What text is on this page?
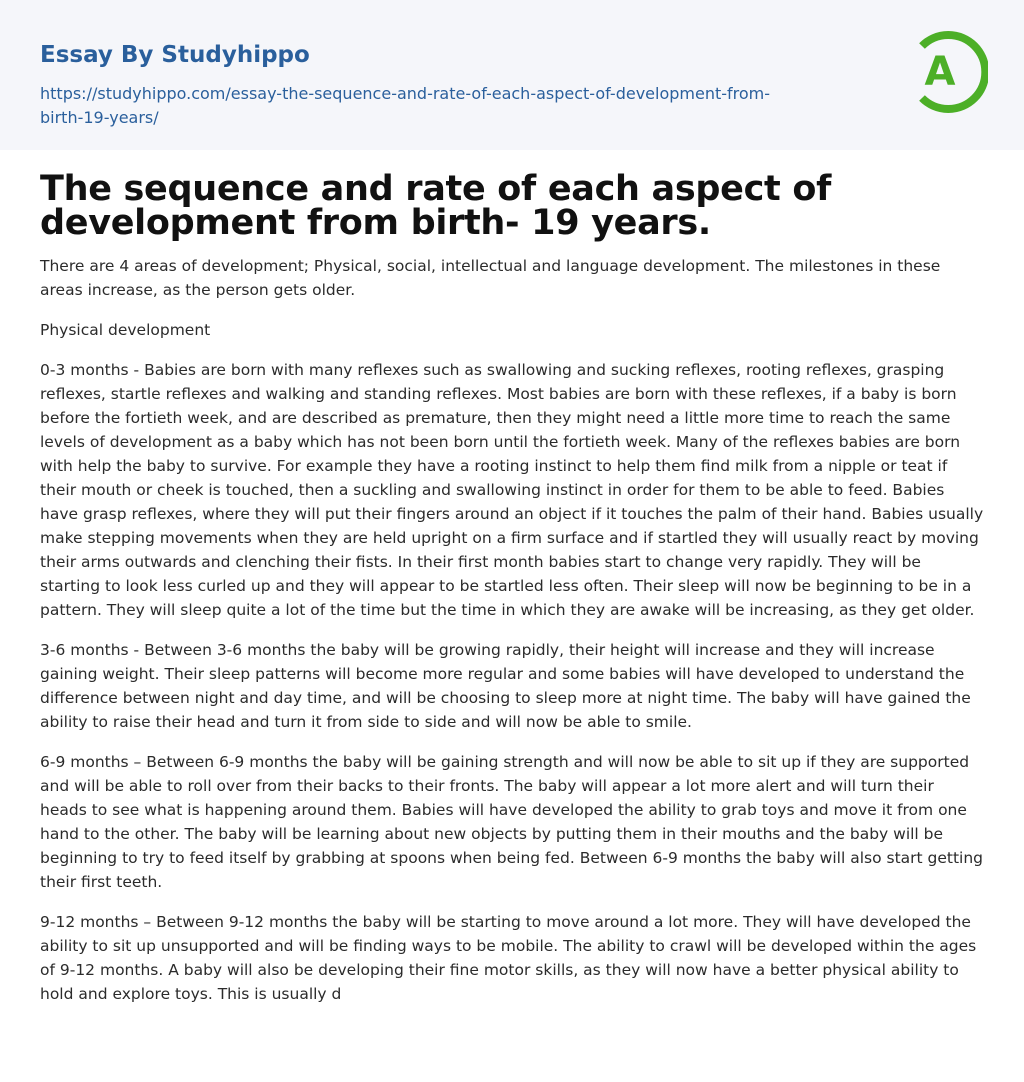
Essay By Studyhippo
https://studyhippo.com/essay-the-sequence-and-rate-of-each-aspect-of-development-from-birth-19-years/
A
The sequence and rate of each aspect of development from birth- 19 years.

There are 4 areas of development; Physical, social, intellectual and language development. The milestones in these areas increase, as the person gets older.

Physical development

0-3 months - Babies are born with many reflexes such as swallowing and sucking reflexes, rooting reflexes, grasping reflexes, startle reflexes and walking and standing reflexes. Most babies are born with these reflexes, if a baby is born before the fortieth week, and are described as premature, then they might need a little more time to reach the same levels of development as a baby which has not been born until the fortieth week. Many of the reflexes babies are born with help the baby to survive. For example they have a rooting instinct to help them find milk from a nipple or teat if their mouth or cheek is touched, then a suckling and swallowing instinct in order for them to be able to feed. Babies have grasp reflexes, where they will put their fingers around an object if it touches the palm of their hand. Babies usually make stepping movements when they are held upright on a firm surface and if startled they will usually react by moving their arms outwards and clenching their fists. In their first month babies start to change very rapidly. They will be starting to look less curled up and they will appear to be startled less often. Their sleep will now be beginning to be in a pattern. They will sleep quite a lot of the time but the time in which they are awake will be increasing, as they get older.

3-6 months - Between 3-6 months the baby will be growing rapidly, their height will increase and they will increase gaining weight. Their sleep patterns will become more regular and some babies will have developed to understand the difference between night and day time, and will be choosing to sleep more at night time. The baby will have gained the ability to raise their head and turn it from side to side and will now be able to smile.

6-9 months – Between 6-9 months the baby will be gaining strength and will now be able to sit up if they are supported and will be able to roll over from their backs to their fronts. The baby will appear a lot more alert and will turn their heads to see what is happening around them. Babies will have developed the ability to grab toys and move it from one hand to the other. The baby will be learning about new objects by putting them in their mouths and the baby will be beginning to try to feed itself by grabbing at spoons when being fed. Between 6-9 months the baby will also start getting their first teeth.

9-12 months – Between 9-12 months the baby will be starting to move around a lot more. They will have developed the ability to sit up unsupported and will be finding ways to be mobile. The ability to crawl will be developed within the ages of 9-12 months. A baby will also be developing their fine motor skills, as they will now have a better physical ability to hold and explore toys. This is usually d
